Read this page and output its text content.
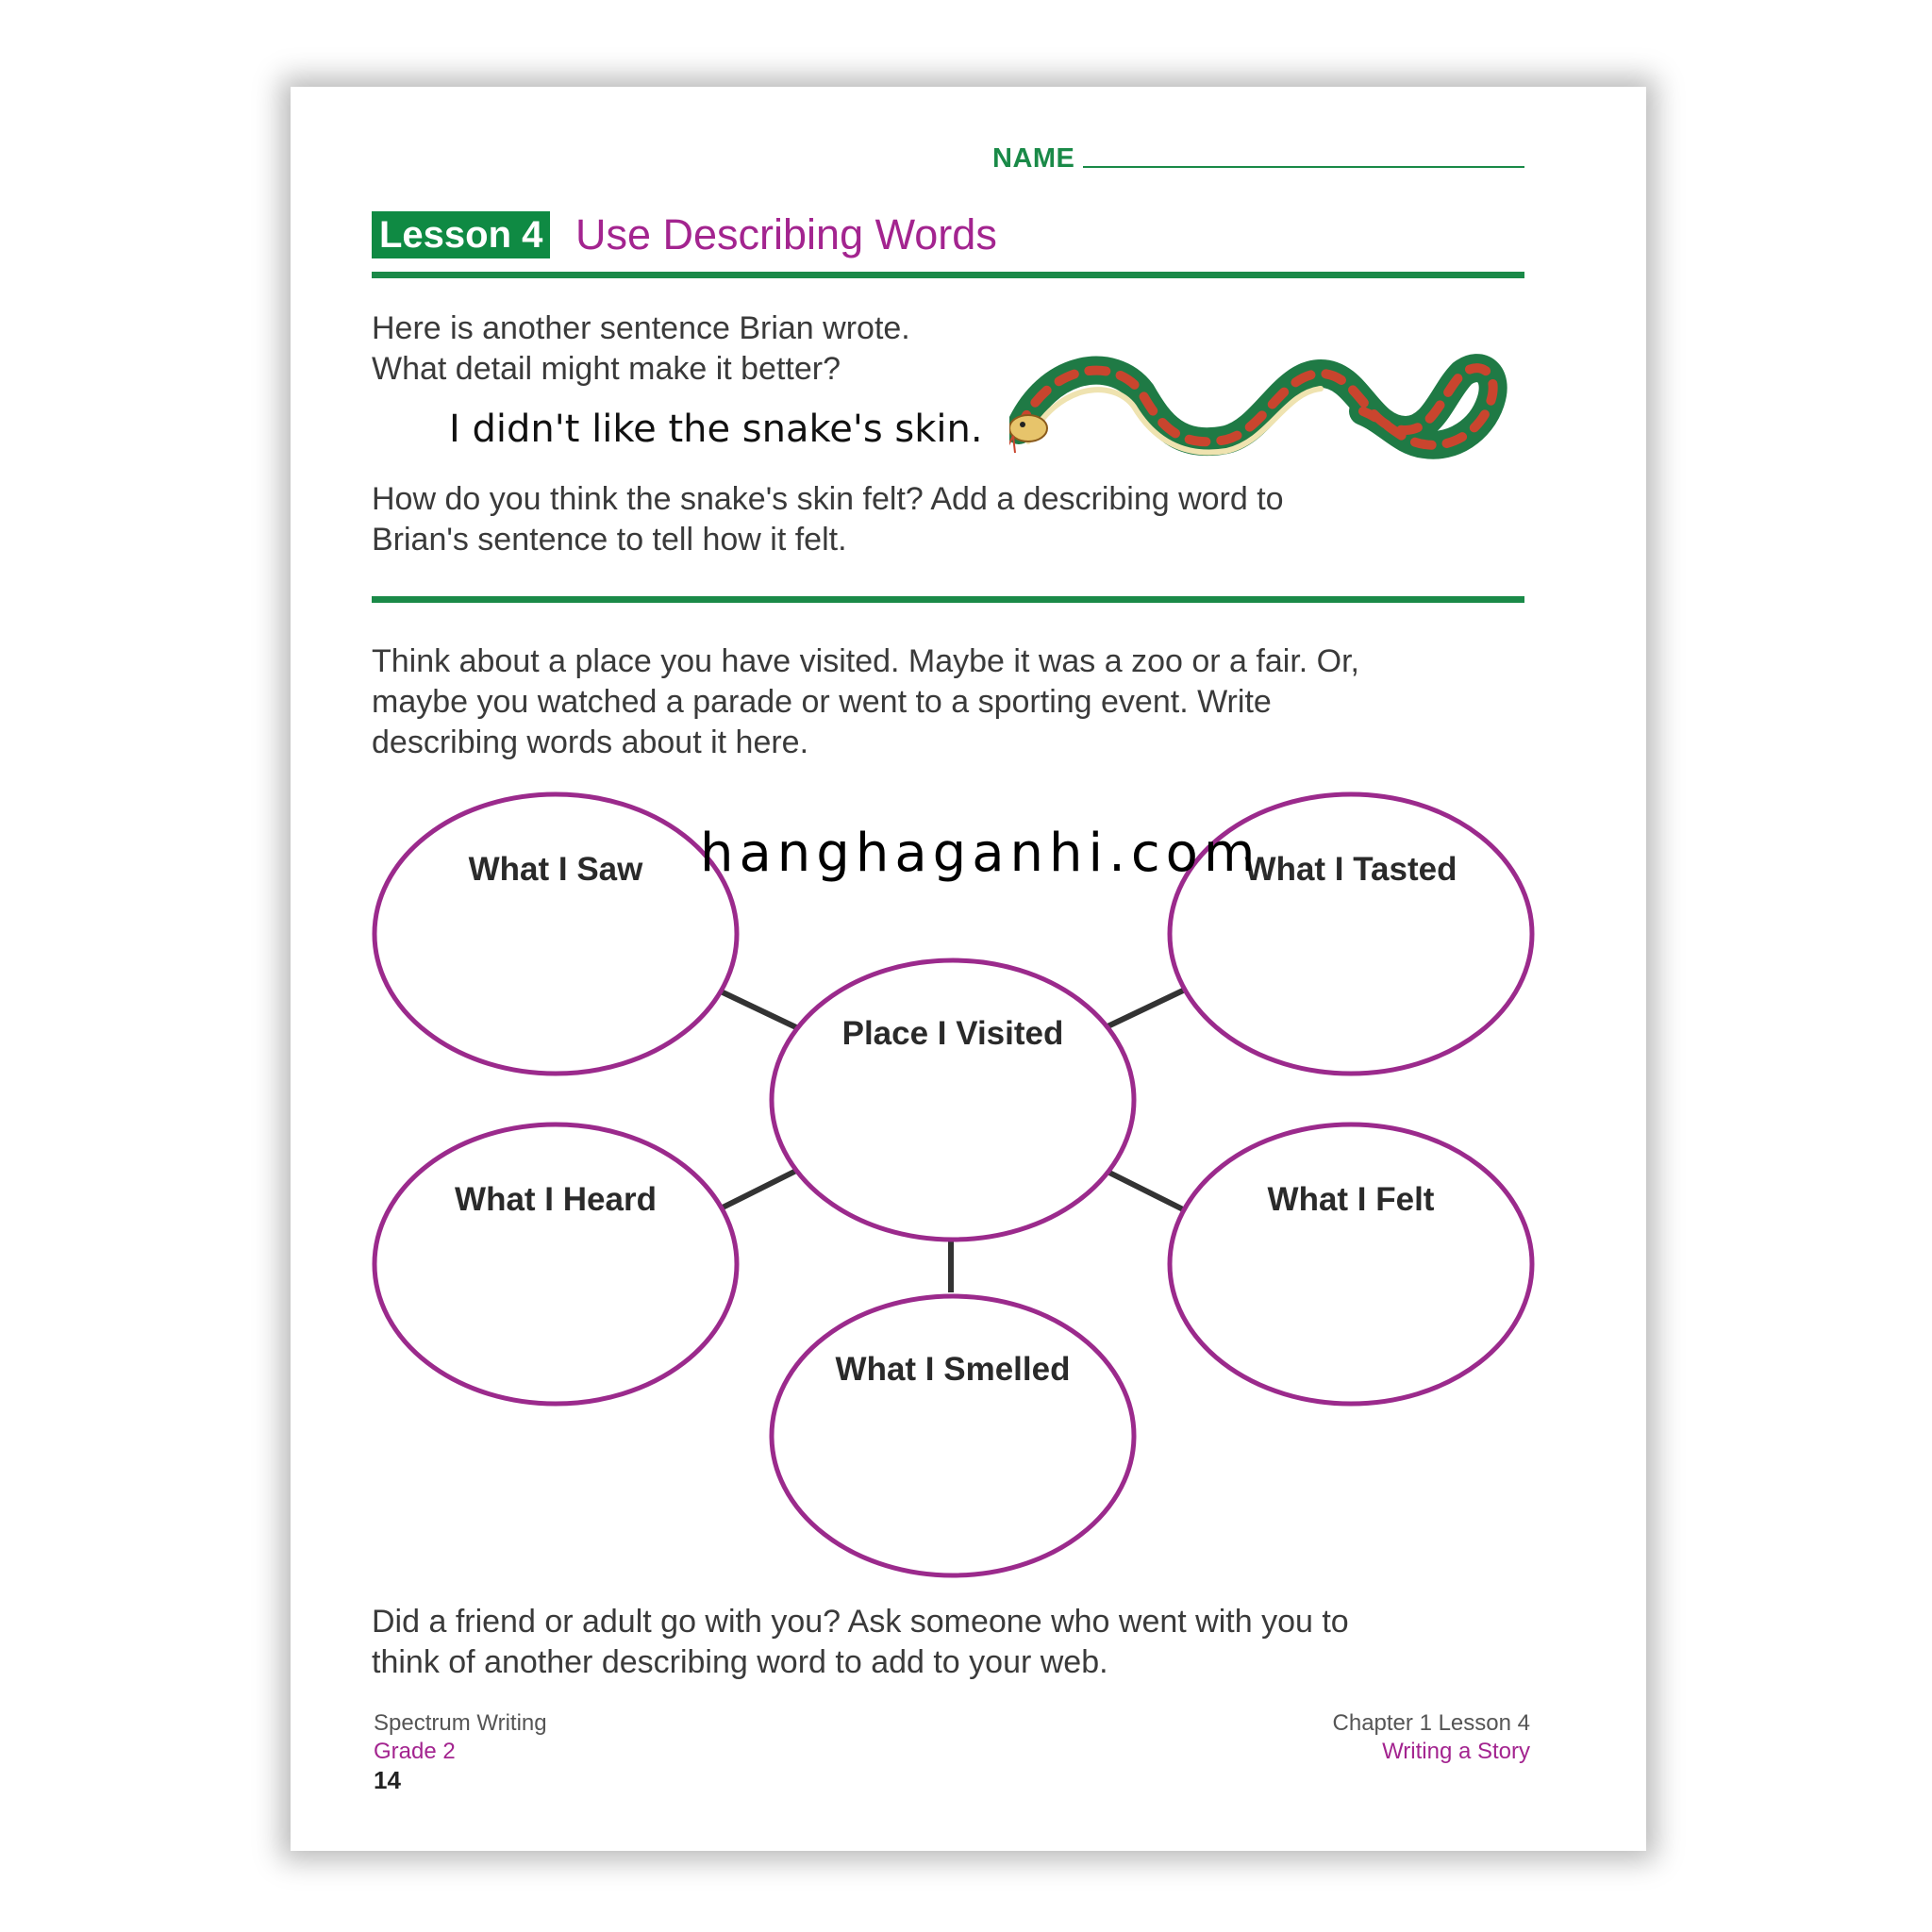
NAME
Lesson 4 Use Describing Words
Here is another sentence Brian wrote.
What detail might make it better?
I didn't like the snake's skin.
How do you think the snake's skin felt? Add a describing word to
Brian's sentence to tell how it felt.
Think about a place you have visited. Maybe it was a zoo or a fair. Or,
maybe you watched a parade or went to a sporting event. Write
describing words about it here.
What I Saw	What I Tasted
Place I Visited
What I Heard	What I Felt
What I Smelled
hanghaganhi.com
Did a friend or adult go with you? Ask someone who went with you to
think of another describing word to add to your web.
Spectrum Writing
Grade 2
14
Chapter 1 Lesson 4
Writing a Story
